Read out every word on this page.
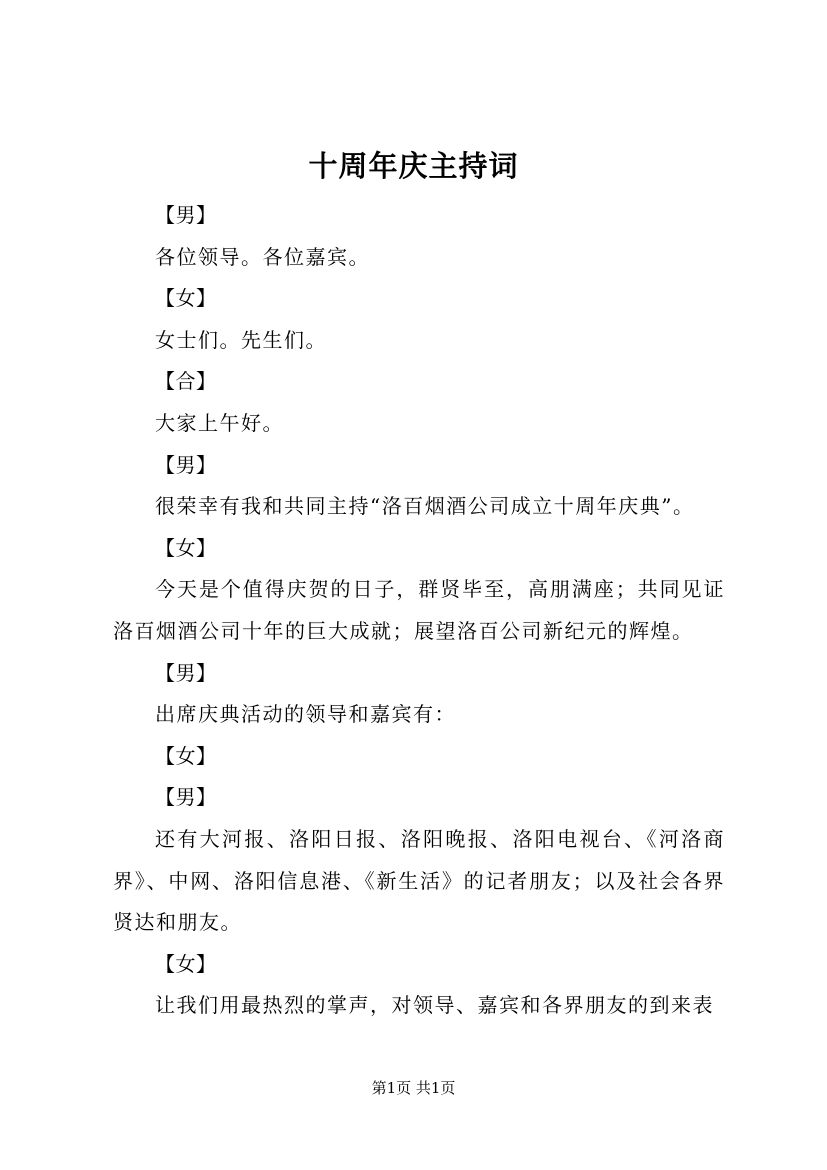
十周年庆主持词

【男】

各位领导。各位嘉宾。

【女】

女士们。先生们。

【合】

大家上午好。

【男】

很荣幸有我和共同主持“洛百烟酒公司成立十周年庆典”。

【女】

今天是个值得庆贺的日子，群贤毕至，高朋满座；共同见证洛百烟酒公司十年的巨大成就；展望洛百公司新纪元的辉煌。

【男】

出席庆典活动的领导和嘉宾有：

【女】

【男】

还有大河报、洛阳日报、洛阳晚报、洛阳电视台、《河洛商界》、中网、洛阳信息港、《新生活》的记者朋友；以及社会各界贤达和朋友。

【女】

让我们用最热烈的掌声，对领导、嘉宾和各界朋友的到来表

第1页 共1页
